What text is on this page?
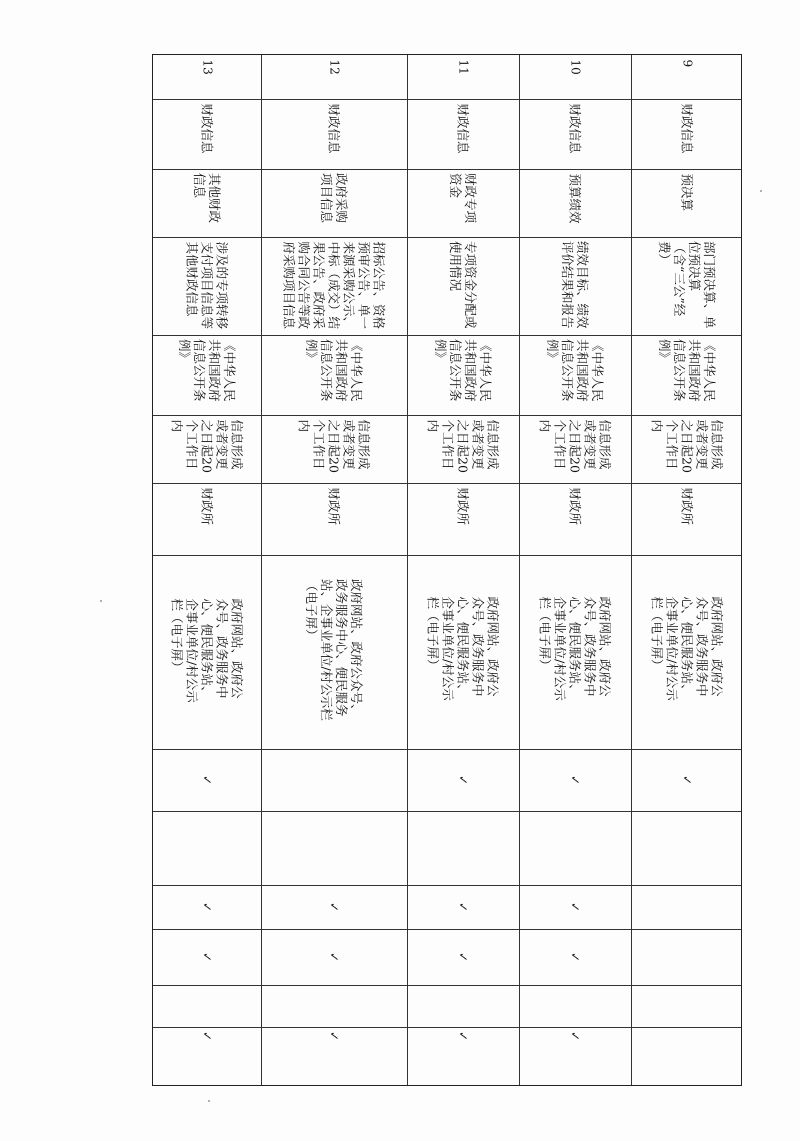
9
财政信息
预决算
部门预决算、单位预决算（含“三公”经费）
《中华人民共和国政府信息公开条例》
信息形成或者变更之日起20个工作日内
财政所
政府网站、政府公众号、政务服务中心、便民服务站、企事业单位/村公示栏（电子屏）
✓
10
财政信息
预算绩效
绩效目标、绩效评价结果和报告
《中华人民共和国政府信息公开条例》
信息形成或者变更之日起20个工作日内
财政所
政府网站、政府公众号、政务服务中心、便民服务站、企事业单位/村公示栏（电子屏）
✓
✓
✓
✓
11
财政信息
财政专项资金
专项资金分配或使用情况
《中华人民共和国政府信息公开条例》
信息形成或者变更之日起20个工作日内
财政所
政府网站、政府公众号、政务服务中心、便民服务站、企事业单位/村公示栏（电子屏）
✓
✓
✓
✓
12
财政信息
政府采购项目信息
招标公告、资格预审公告、单一来源采购公示、中标（成交）结果公告、政府采购合同公告等政府采购项目信息
《中华人民共和国政府信息公开条例》
信息形成或者变更之日起20个工作日内
财政所
政府网站、政府公众号、政务服务中心、便民服务站、企事业单位/村公示栏（电子屏）
✓
✓
✓
13
财政信息
其他财政信息
涉及的专项转移支付项目信息等其他财政信息
《中华人民共和国政府信息公开条例》
信息形成或者变更之日起20个工作日内
财政所
政府网站、政府公众号、政务服务中心、便民服务站、企事业单位/村公示栏（电子屏）
✓
✓
✓
✓
